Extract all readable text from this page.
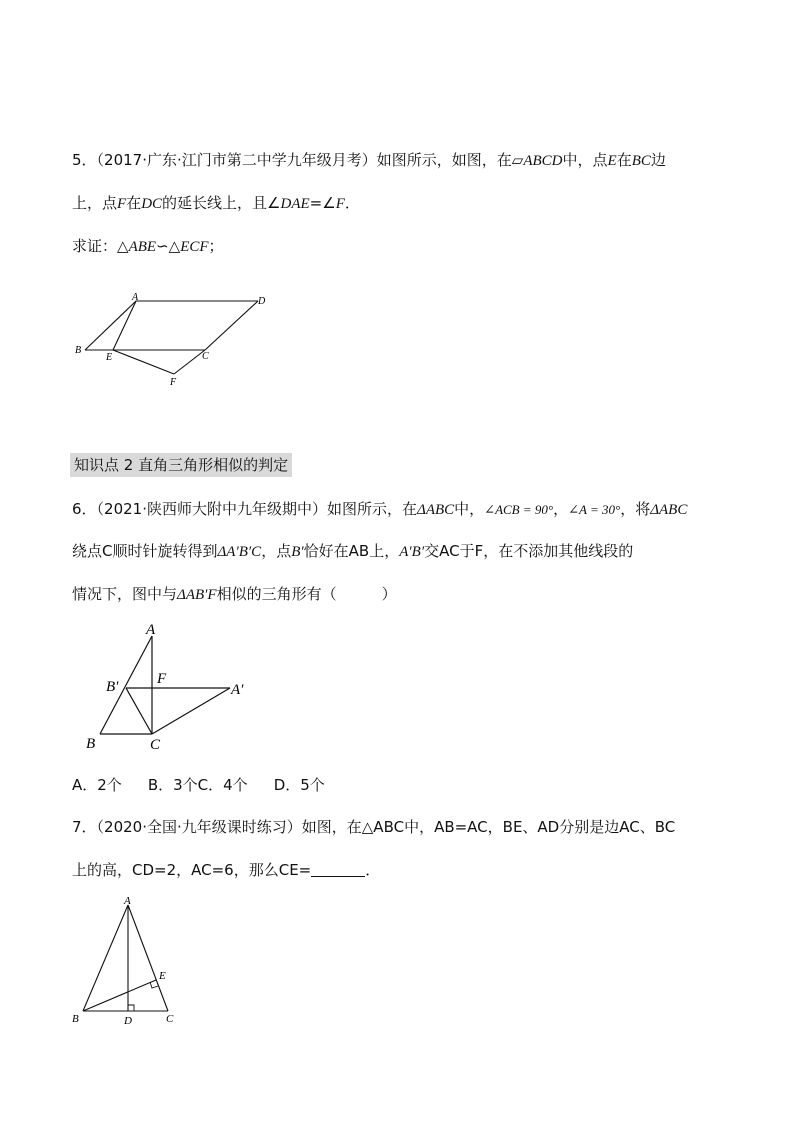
5．（2017·广东·江门市第二中学九年级月考）如图所示，如图，在▱ABCD中，点E在BC边
上，点F在DC的延长线上，且∠DAE=∠F．
求证：△ABE∽△ECF；
A
B
C
D
E
F
知识点 2 直角三角形相似的判定
6．（2021·陕西师大附中九年级期中）如图所示，在ΔABC中，∠ACB = 90°，∠A = 30°，将ΔABC
绕点C顺时针旋转得到ΔA′B′C，点B′恰好在AB上，A′B′交AC于F，在不添加其他线段的
情况下，图中与ΔAB′F相似的三角形有（　　　）
A
B′	F
A′
B	C
A．2个 B．3个C．4个 D．5个
7．（2020·全国·九年级课时练习）如图，在△ABC中，AB=AC，BE、AD分别是边AC、BC
上的高，CD=2，AC=6，那么CE=	．
A
B	D	C
E
